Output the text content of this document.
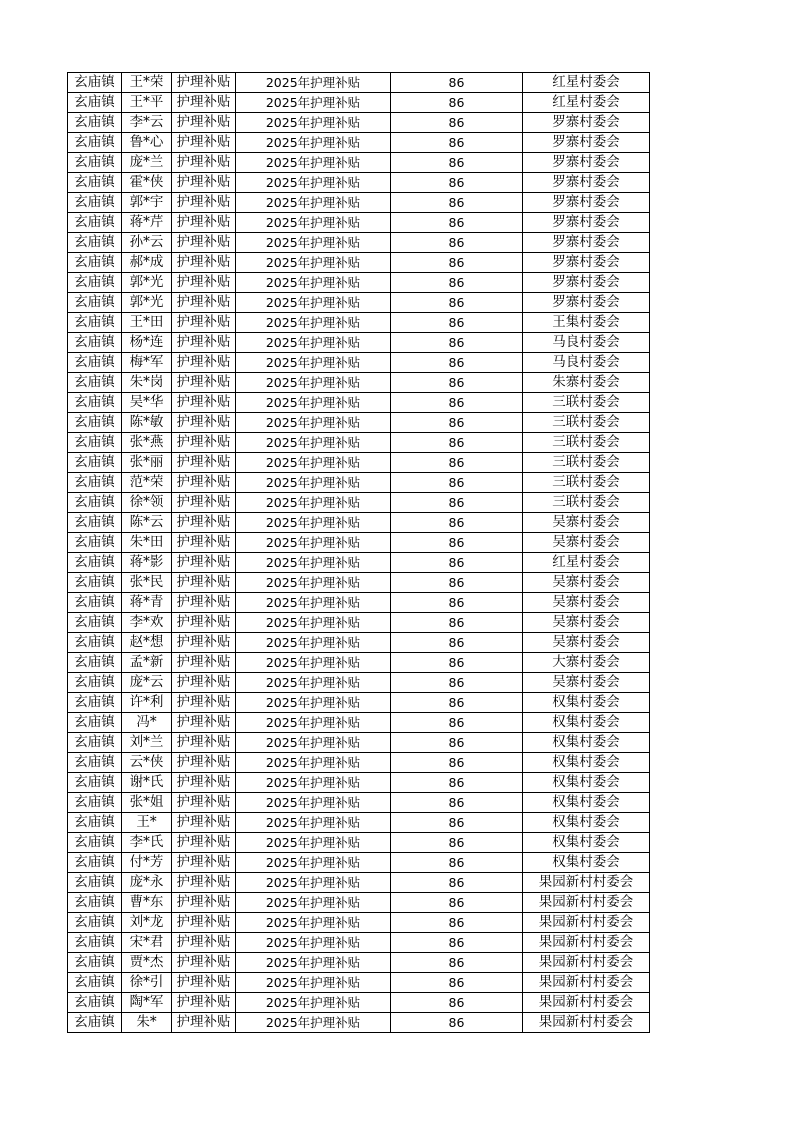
玄庙镇	王*荣	护理补贴	2025年护理补贴	86	红星村委会
玄庙镇	王*平	护理补贴	2025年护理补贴	86	红星村委会
玄庙镇	李*云	护理补贴	2025年护理补贴	86	罗寨村委会
玄庙镇	鲁*心	护理补贴	2025年护理补贴	86	罗寨村委会
玄庙镇	庞*兰	护理补贴	2025年护理补贴	86	罗寨村委会
玄庙镇	霍*侠	护理补贴	2025年护理补贴	86	罗寨村委会
玄庙镇	郭*宇	护理补贴	2025年护理补贴	86	罗寨村委会
玄庙镇	蒋*芹	护理补贴	2025年护理补贴	86	罗寨村委会
玄庙镇	孙*云	护理补贴	2025年护理补贴	86	罗寨村委会
玄庙镇	郝*成	护理补贴	2025年护理补贴	86	罗寨村委会
玄庙镇	郭*光	护理补贴	2025年护理补贴	86	罗寨村委会
玄庙镇	郭*光	护理补贴	2025年护理补贴	86	罗寨村委会
玄庙镇	王*田	护理补贴	2025年护理补贴	86	王集村委会
玄庙镇	杨*连	护理补贴	2025年护理补贴	86	马良村委会
玄庙镇	梅*军	护理补贴	2025年护理补贴	86	马良村委会
玄庙镇	朱*岗	护理补贴	2025年护理补贴	86	朱寨村委会
玄庙镇	吴*华	护理补贴	2025年护理补贴	86	三联村委会
玄庙镇	陈*敏	护理补贴	2025年护理补贴	86	三联村委会
玄庙镇	张*燕	护理补贴	2025年护理补贴	86	三联村委会
玄庙镇	张*丽	护理补贴	2025年护理补贴	86	三联村委会
玄庙镇	范*荣	护理补贴	2025年护理补贴	86	三联村委会
玄庙镇	徐*领	护理补贴	2025年护理补贴	86	三联村委会
玄庙镇	陈*云	护理补贴	2025年护理补贴	86	吴寨村委会
玄庙镇	朱*田	护理补贴	2025年护理补贴	86	吴寨村委会
玄庙镇	蒋*影	护理补贴	2025年护理补贴	86	红星村委会
玄庙镇	张*民	护理补贴	2025年护理补贴	86	吴寨村委会
玄庙镇	蒋*青	护理补贴	2025年护理补贴	86	吴寨村委会
玄庙镇	李*欢	护理补贴	2025年护理补贴	86	吴寨村委会
玄庙镇	赵*想	护理补贴	2025年护理补贴	86	吴寨村委会
玄庙镇	孟*新	护理补贴	2025年护理补贴	86	大寨村委会
玄庙镇	庞*云	护理补贴	2025年护理补贴	86	吴寨村委会
玄庙镇	许*利	护理补贴	2025年护理补贴	86	权集村委会
玄庙镇	冯*	护理补贴	2025年护理补贴	86	权集村委会
玄庙镇	刘*兰	护理补贴	2025年护理补贴	86	权集村委会
玄庙镇	云*侠	护理补贴	2025年护理补贴	86	权集村委会
玄庙镇	谢*氏	护理补贴	2025年护理补贴	86	权集村委会
玄庙镇	张*姐	护理补贴	2025年护理补贴	86	权集村委会
玄庙镇	王*	护理补贴	2025年护理补贴	86	权集村委会
玄庙镇	李*氏	护理补贴	2025年护理补贴	86	权集村委会
玄庙镇	付*芳	护理补贴	2025年护理补贴	86	权集村委会
玄庙镇	庞*永	护理补贴	2025年护理补贴	86	果园新村村委会
玄庙镇	曹*东	护理补贴	2025年护理补贴	86	果园新村村委会
玄庙镇	刘*龙	护理补贴	2025年护理补贴	86	果园新村村委会
玄庙镇	宋*君	护理补贴	2025年护理补贴	86	果园新村村委会
玄庙镇	贾*杰	护理补贴	2025年护理补贴	86	果园新村村委会
玄庙镇	徐*引	护理补贴	2025年护理补贴	86	果园新村村委会
玄庙镇	陶*军	护理补贴	2025年护理补贴	86	果园新村村委会
玄庙镇	朱*	护理补贴	2025年护理补贴	86	果园新村村委会
